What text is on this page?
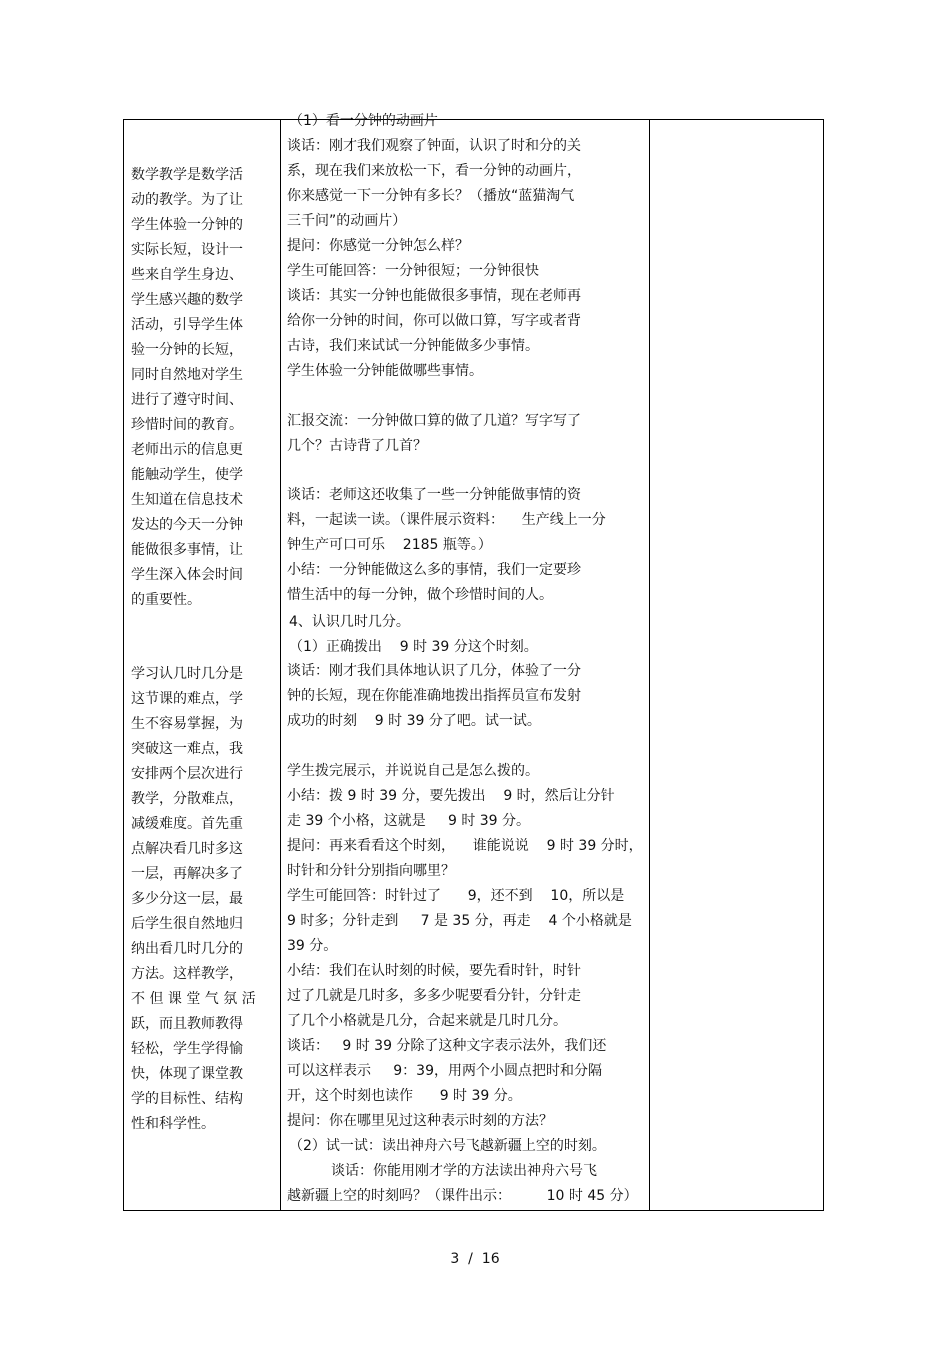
数学教学是数学活
动的教学。为了让
学生体验一分钟的
实际长短，设计一
些来自学生身边、
学生感兴趣的数学
活动，引导学生体
验一分钟的长短，
同时自然地对学生
进行了遵守时间、
珍惜时间的教育。
老师出示的信息更
能触动学生，使学
生知道在信息技术
发达的今天一分钟
能做很多事情，让
学生深入体会时间
的重要性。
学习认几时几分是
这节课的难点，学
生不容易掌握，为
突破这一难点，我
安排两个层次进行
教学，分散难点，
减缓难度。首先重
点解决看几时多这
一层，再解决多了
多少分这一层，最
后学生很自然地归
纳出看几时几分的
方法。这样教学，
不 但 课 堂 气 氛 活
跃，而且教师教得
轻松，学生学得愉
快，体现了课堂教
学的目标性、结构
性和科学性。
（1）看一分钟的动画片
谈话：刚才我们观察了钟面，认识了时和分的关
系，现在我们来放松一下，看一分钟的动画片，
你来感觉一下一分钟有多长？（播放“蓝猫淘气
三千问”的动画片）
提问：你感觉一分钟怎么样？
学生可能回答：一分钟很短；一分钟很快
谈话：其实一分钟也能做很多事情，现在老师再
给你一分钟的时间，你可以做口算，写字或者背
古诗，我们来试试一分钟能做多少事情。
学生体验一分钟能做哪些事情。
汇报交流：一分钟做口算的做了几道？写字写了
几个？古诗背了几首？
谈话：老师这还收集了一些一分钟能做事情的资
料，一起读一读。（课件展示资料：    生产线上一分
钟生产可口可乐    2185 瓶等。）
小结：一分钟能做这么多的事情，我们一定要珍
惜生活中的每一分钟，做个珍惜时间的人。
4、认识几时几分。
（1）正确拨出    9 时 39 分这个时刻。
谈话：刚才我们具体地认识了几分，体验了一分
钟的长短，现在你能准确地拨出指挥员宣布发射
成功的时刻    9 时 39 分了吧。试一试。
学生拨完展示，并说说自己是怎么拨的。
小结：拨 9 时 39 分，要先拨出    9 时，然后让分针
走 39 个小格，这就是     9 时 39 分。
提问：再来看看这个时刻，    谁能说说    9 时 39 分时，
时针和分针分别指向哪里？
学生可能回答：时针过了      9，还不到    10，所以是
9 时多；分针走到     7 是 35 分，再走    4 个小格就是
39 分。
小结：我们在认时刻的时候，要先看时针，时针
过了几就是几时多，多多少呢要看分针，分针走
了几个小格就是几分，合起来就是几时几分。
谈话：   9 时 39 分除了这种文字表示法外，我们还
可以这样表示     9：39，用两个小圆点把时和分隔
开，这个时刻也读作      9 时 39 分。
提问：你在哪里见过这种表示时刻的方法？
（2）试一试：读出神舟六号飞越新疆上空的时刻。
谈话：你能用刚才学的方法读出神舟六号飞
越新疆上空的时刻吗？（课件出示：        10 时 45 分）
3  /  16
